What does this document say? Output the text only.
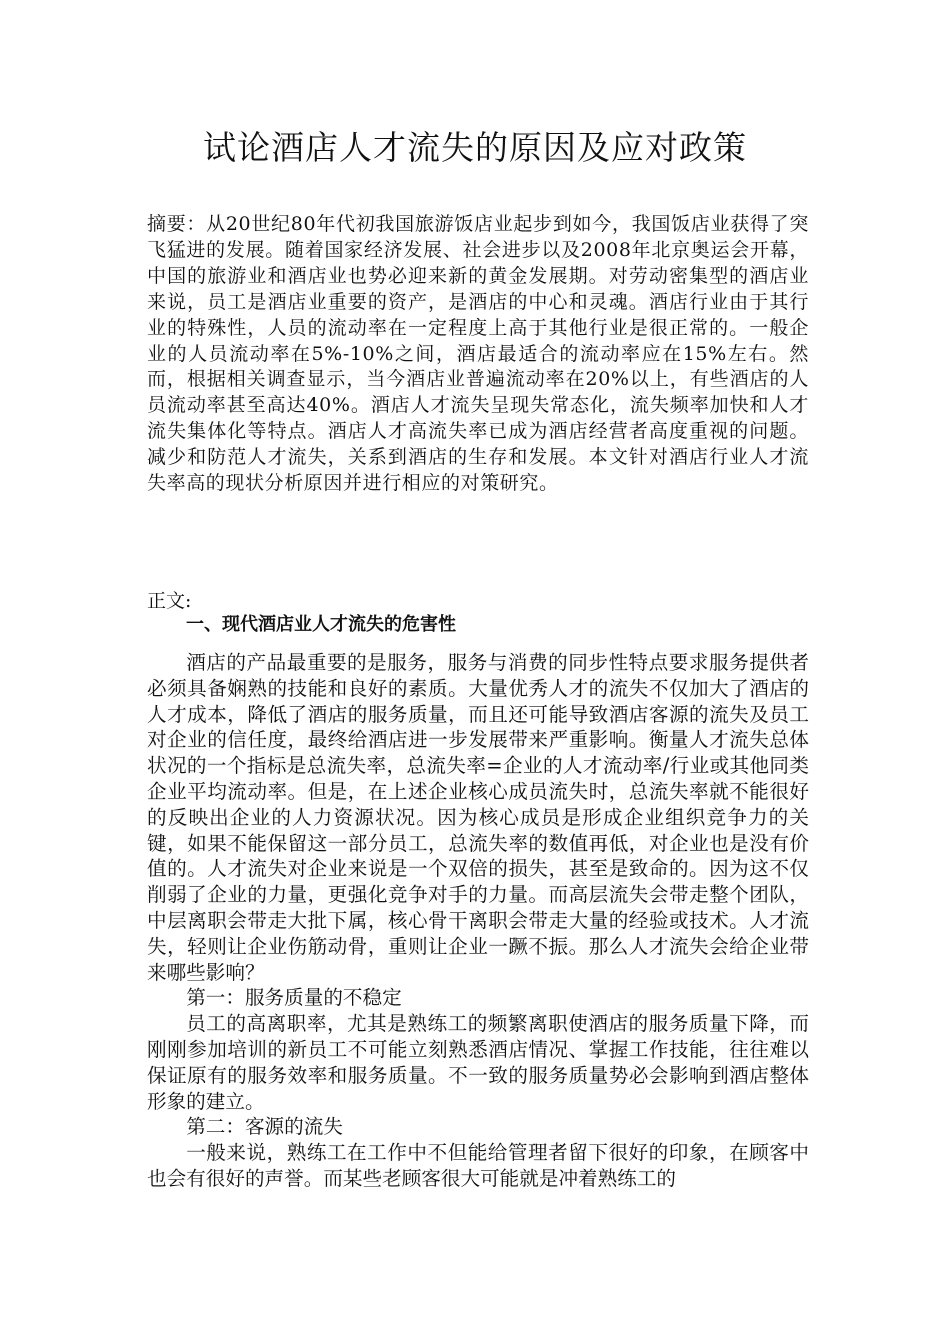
试论酒店人才流失的原因及应对政策

摘要：从20世纪80年代初我国旅游饭店业起步到如今，我国饭店业获得了突飞猛进的发展。随着国家经济发展、社会进步以及2008年北京奥运会开幕，中国的旅游业和酒店业也势必迎来新的黄金发展期。对劳动密集型的酒店业来说，员工是酒店业重要的资产，是酒店的中心和灵魂。酒店行业由于其行业的特殊性，人员的流动率在一定程度上高于其他行业是很正常的。一般企业的人员流动率在5%-10%之间，酒店最适合的流动率应在15%左右。然而，根据相关调查显示，当今酒店业普遍流动率在20%以上，有些酒店的人员流动率甚至高达40%。酒店人才流失呈现失常态化，流失频率加快和人才流失集体化等特点。酒店人才高流失率已成为酒店经营者高度重视的问题。减少和防范人才流失，关系到酒店的生存和发展。本文针对酒店行业人才流失率高的现状分析原因并进行相应的对策研究。

正文:

一、现代酒店业人才流失的危害性

酒店的产品最重要的是服务，服务与消费的同步性特点要求服务提供者必须具备娴熟的技能和良好的素质。大量优秀人才的流失不仅加大了酒店的人才成本，降低了酒店的服务质量，而且还可能导致酒店客源的流失及员工对企业的信任度，最终给酒店进一步发展带来严重影响。衡量人才流失总体状况的一个指标是总流失率，总流失率=企业的人才流动率/行业或其他同类企业平均流动率。但是，在上述企业核心成员流失时，总流失率就不能很好的反映出企业的人力资源状况。因为核心成员是形成企业组织竞争力的关键，如果不能保留这一部分员工，总流失率的数值再低，对企业也是没有价值的。人才流失对企业来说是一个双倍的损失，甚至是致命的。因为这不仅削弱了企业的力量，更强化竞争对手的力量。而高层流失会带走整个团队，中层离职会带走大批下属，核心骨干离职会带走大量的经验或技术。人才流失，轻则让企业伤筋动骨，重则让企业一蹶不振。那么人才流失会给企业带来哪些影响？

第一：服务质量的不稳定

员工的高离职率，尤其是熟练工的频繁离职使酒店的服务质量下降，而刚刚参加培训的新员工不可能立刻熟悉酒店情况、掌握工作技能，往往难以保证原有的服务效率和服务质量。不一致的服务质量势必会影响到酒店整体形象的建立。

第二：客源的流失

一般来说，熟练工在工作中不但能给管理者留下很好的印象，在顾客中也会有很好的声誉。而某些老顾客很大可能就是冲着熟练工的
